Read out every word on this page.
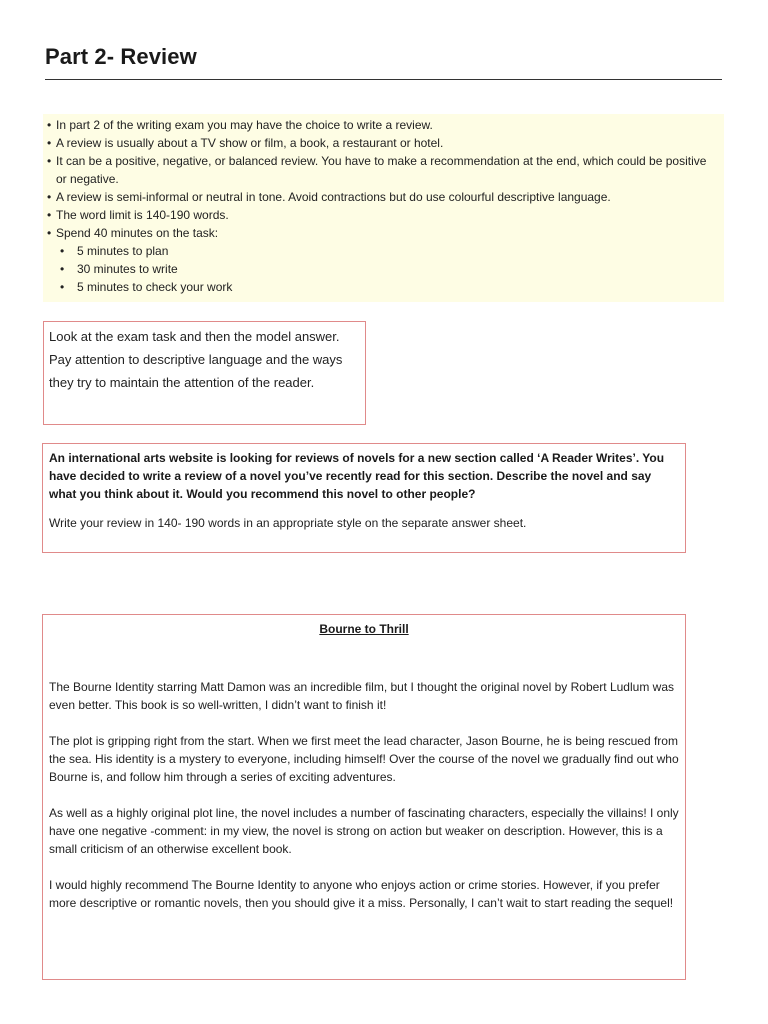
Part 2- Review
• In part 2 of the writing exam you may have the choice to write a review.
• A review is usually about a TV show or film, a book, a restaurant or hotel.
• It can be a positive, negative, or balanced review. You have to make a recommendation at the end, which could be positive or negative.
• A review is semi-informal or neutral in tone. Avoid contractions but do use colourful descriptive language.
• The word limit is 140-190 words.
• Spend 40 minutes on the task:
• 5 minutes to plan
• 30 minutes to write
• 5 minutes to check your work

Look at the exam task and then the model answer. Pay attention to descriptive language and the ways they try to maintain the attention of the reader.

An international arts website is looking for reviews of novels for a new section called ‘A Reader Writes’. You have decided to write a review of a novel you’ve recently read for this section. Describe the novel and say what you think about it. Would you recommend this novel to other people?

Write your review in 140- 190 words in an appropriate style on the separate answer sheet.

Bourne to Thrill

The Bourne Identity starring Matt Damon was an incredible film, but I thought the original novel by Robert Ludlum was even better. This book is so well-written, I didn’t want to finish it!

The plot is gripping right from the start. When we first meet the lead character, Jason Bourne, he is being rescued from the sea. His identity is a mystery to everyone, including himself! Over the course of the novel we gradually find out who Bourne is, and follow him through a series of exciting adventures.

As well as a highly original plot line, the novel includes a number of fascinating characters, especially the villains! I only have one negative -comment: in my view, the novel is strong on action but weaker on description. However, this is a small criticism of an otherwise excellent book.

I would highly recommend The Bourne Identity to anyone who enjoys action or crime stories. However, if you prefer more descriptive or romantic novels, then you should give it a miss. Personally, I can’t wait to start reading the sequel!
